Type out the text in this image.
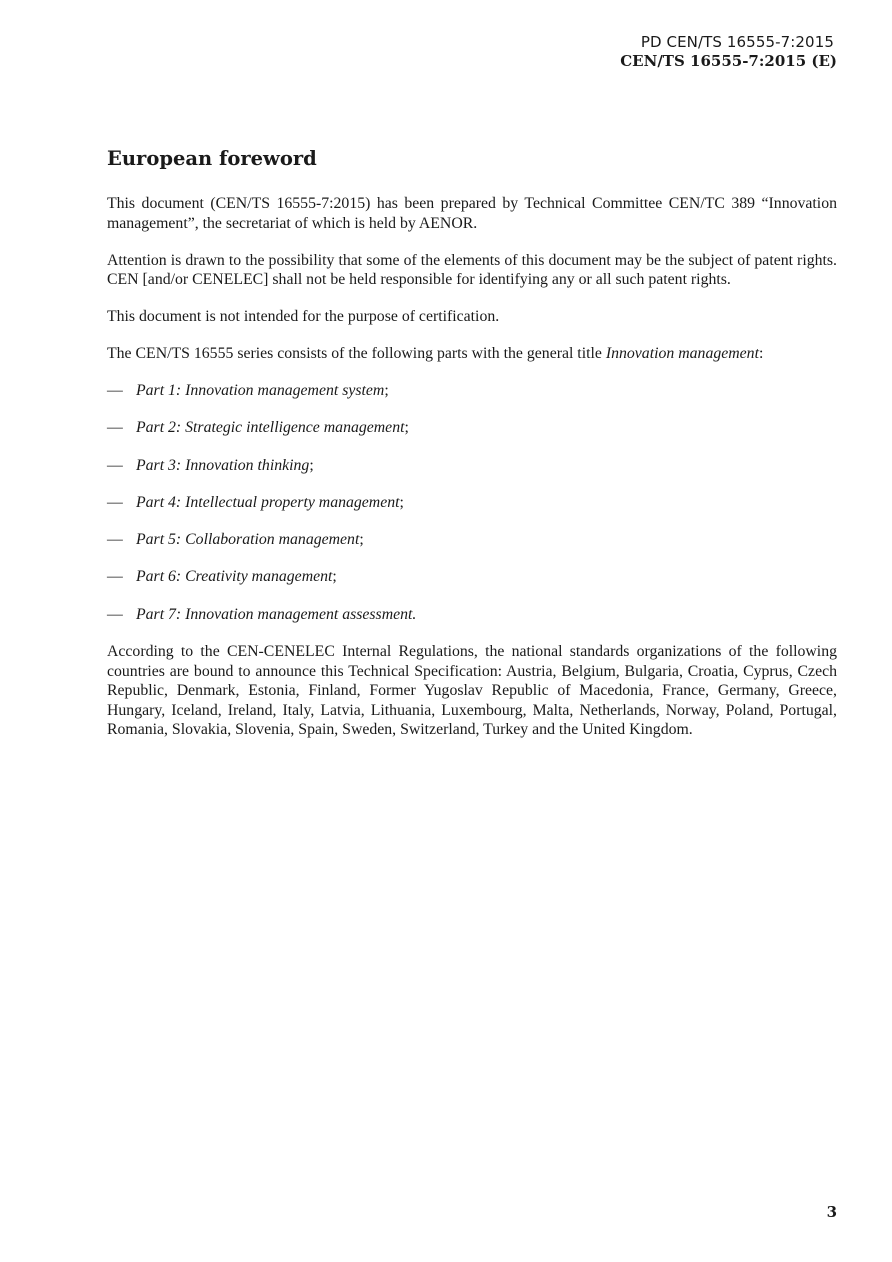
PD CEN/TS 16555-7:2015
CEN/TS 16555-7:2015 (E)
European foreword

This document (CEN/TS 16555-7:2015) has been prepared by Technical Committee CEN/TC 389 “Innovation management”, the secretariat of which is held by AENOR.

Attention is drawn to the possibility that some of the elements of this document may be the subject of patent rights. CEN [and/or CENELEC] shall not be held responsible for identifying any or all such patent rights.

This document is not intended for the purpose of certification.

The CEN/TS 16555 series consists of the following parts with the general title Innovation management:

— Part 1: Innovation management system ;
— Part 2: Strategic intelligence management ;
— Part 3: Innovation thinking ;
— Part 4: Intellectual property management ;
— Part 5: Collaboration management ;
— Part 6: Creativity management ;
— Part 7: Innovation management assessment.

According to the CEN-CENELEC Internal Regulations, the national standards organizations of the following countries are bound to announce this Technical Specification: Austria, Belgium, Bulgaria, Croatia, Cyprus, Czech Republic, Denmark, Estonia, Finland, Former Yugoslav Republic of Macedonia, France, Germany, Greece, Hungary, Iceland, Ireland, Italy, Latvia, Lithuania, Luxembourg, Malta, Netherlands, Norway, Poland, Portugal, Romania, Slovakia, Slovenia, Spain, Sweden, Switzerland, Turkey and the United Kingdom.

3
